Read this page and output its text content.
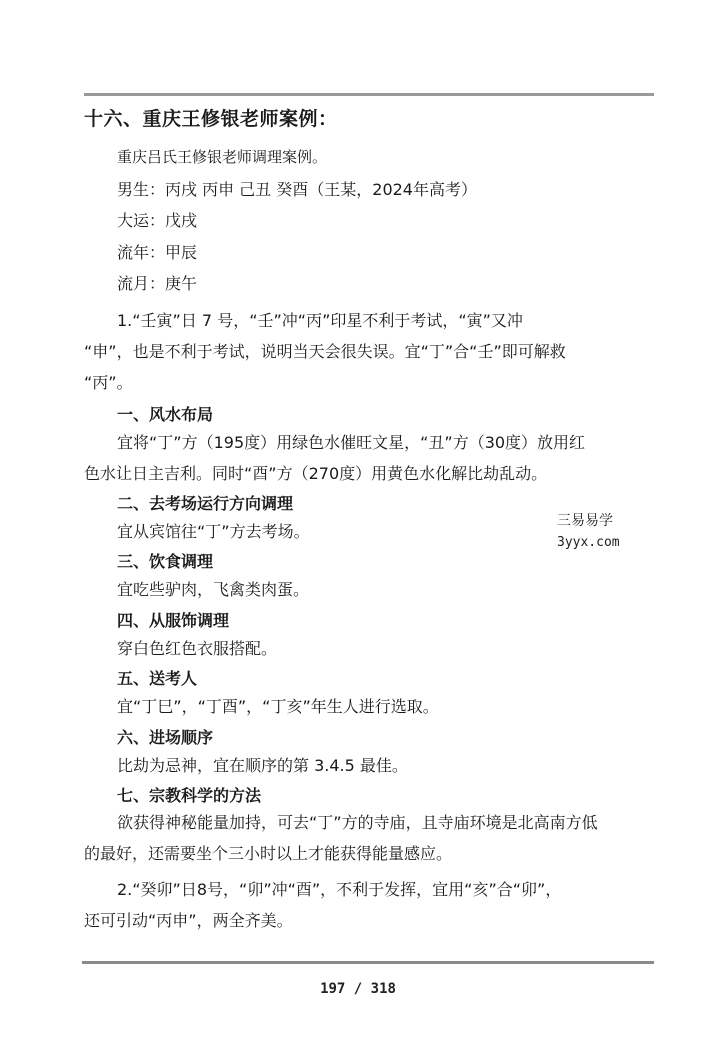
十六、重庆王修银老师案例：
重庆吕氏王修银老师调理案例。
男生：丙戌 丙申 己丑 癸酉（王某，2024年高考）
大运：戊戌
流年：甲辰
流月：庚午
1.“壬寅”日 7 号，“壬”冲“丙”印星不利于考试，“寅”又冲
“申”，也是不利于考试，说明当天会很失误。宜“丁”合“壬”即可解救
“丙”。
一、风水布局
宜将“丁”方（195度）用绿色水催旺文星，“丑”方（30度）放用红
色水让日主吉利。同时“酉”方（270度）用黄色水化解比劫乱动。
二、去考场运行方向调理
宜从宾馆往“丁”方去考场。
三、饮食调理
宜吃些驴肉，飞禽类肉蛋。
四、从服饰调理
穿白色红色衣服搭配。
五、送考人
宜“丁巳”，“丁酉”，“丁亥”年生人进行选取。
六、进场顺序
比劫为忌神，宜在顺序的第 3.4.5 最佳。
七、宗教科学的方法
欲获得神秘能量加持，可去“丁”方的寺庙，且寺庙环境是北高南方低
的最好，还需要坐个三小时以上才能获得能量感应。
2.“癸卯”日8号，“卯”冲“酉”，不利于发挥，宜用“亥”合“卯”，
还可引动“丙申”，两全齐美。
三易易学
3yyx.com
197 / 318
